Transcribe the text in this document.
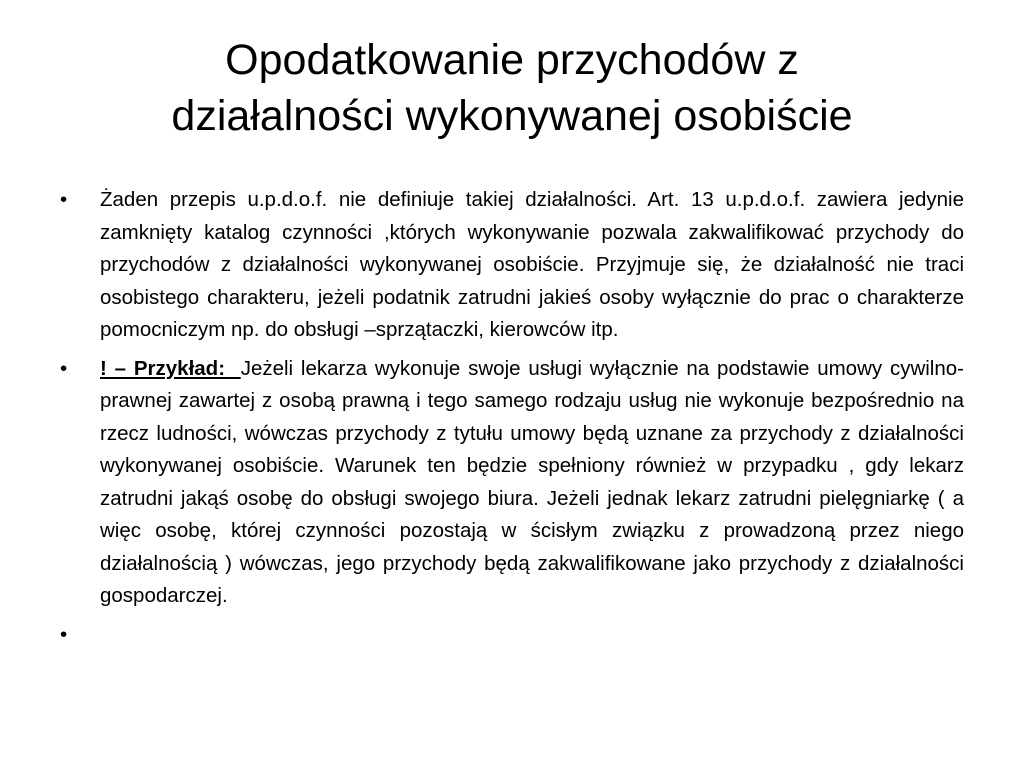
Opodatkowanie przychodów z
działalności wykonywanej osobiście
•	Żaden przepis u.p.d.o.f. nie definiuje takiej działalności. Art. 13 u.p.d.o.f. zawiera jedynie zamknięty katalog czynności ,których wykonywanie pozwala zakwalifikować przychody do przychodów z działalności wykonywanej osobiście. Przyjmuje się, że działalność nie traci osobistego charakteru, jeżeli podatnik zatrudni jakieś osoby wyłącznie do prac o charakterze pomocniczym np. do obsługi –sprzątaczki, kierowców itp.
•	! – Przykład:  Jeżeli lekarza wykonuje swoje usługi wyłącznie na podstawie umowy cywilno-prawnej zawartej z osobą prawną i tego samego rodzaju usług nie wykonuje bezpośrednio na rzecz ludności, wówczas przychody z tytułu umowy będą uznane za przychody z działalności wykonywanej osobiście. Warunek ten będzie spełniony również w przypadku , gdy lekarz zatrudni jakąś osobę do obsługi swojego biura. Jeżeli jednak lekarz zatrudni pielęgniarkę ( a więc osobę, której czynności pozostają w ścisłym związku z prowadzoną przez niego działalnością ) wówczas, jego przychody będą zakwalifikowane jako przychody z działalności gospodarczej.
•
